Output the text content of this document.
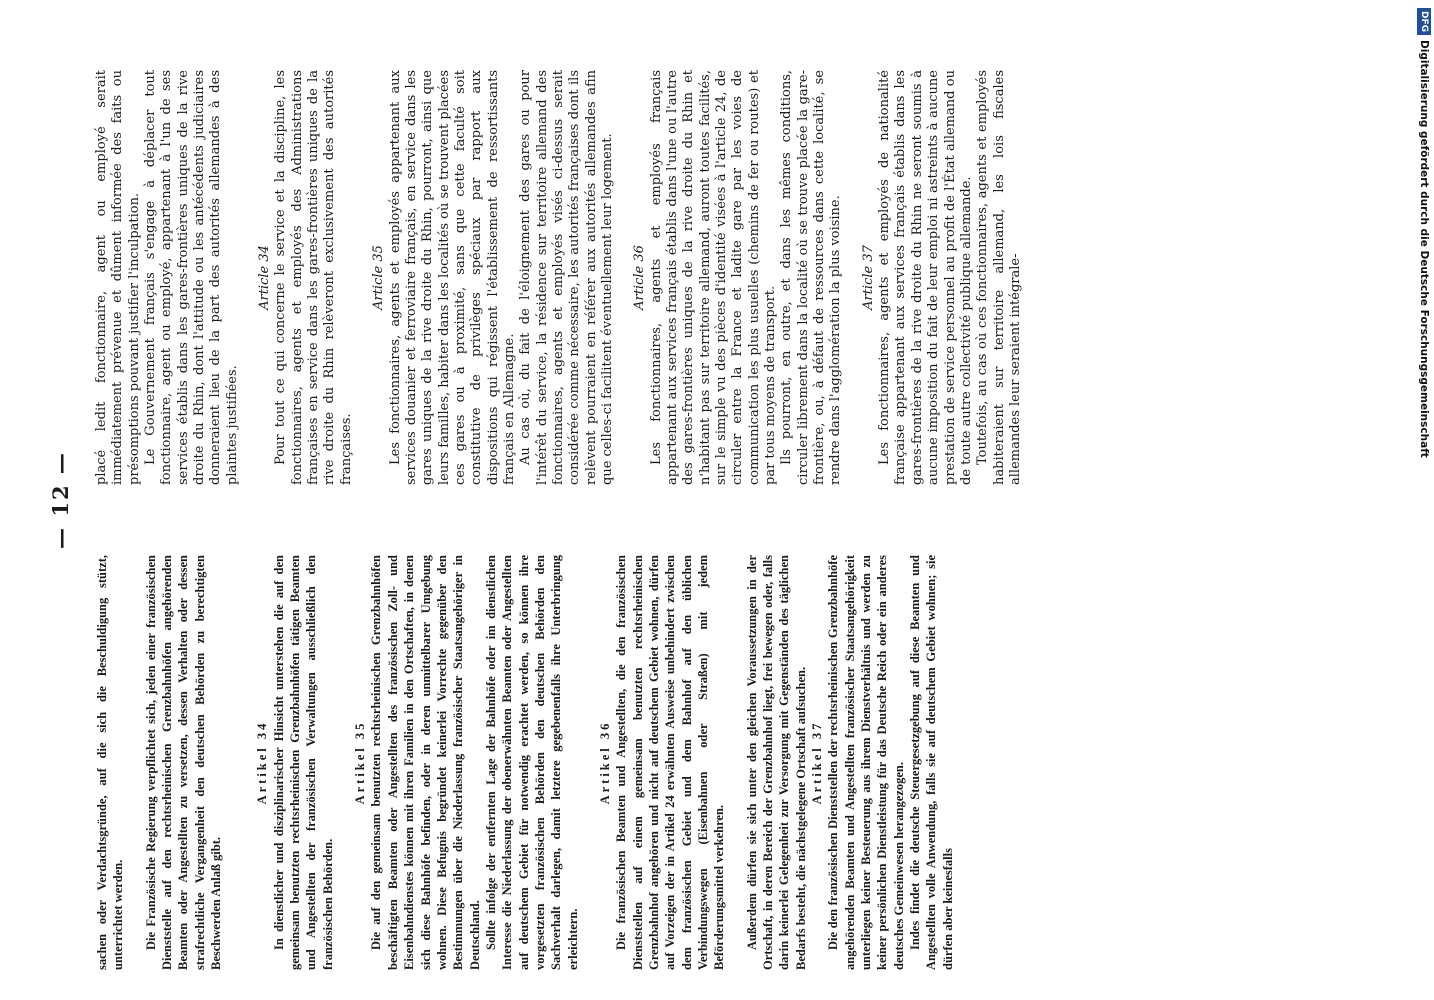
— 12 —

sachen oder Verdachtsgründe, auf die sich die Beschuldigung stützt, unterrichtet werden. Die Französische Regierung verpflichtet sich, jeden einer französischen Dienststelle auf den rechtsrheinischen Grenzbahnhöfen angehörenden Beamten oder Angestellten zu versetzen, dessen Verhalten oder dessen strafrechtliche Vergangenheit den deutschen Behörden zu berechtigten Beschwerden Anlaß gibt.

Artikel 34 In dienstlicher und disziplinarischer Hinsicht unterstehen die auf den gemeinsam benutzten rechtsrheinischen Grenzbahnhöfen tätigen Beamten und Angestellten der französischen Verwaltungen ausschließlich den französischen Behörden.

Artikel 35 Die auf den gemeinsam benutzten rechtsrheinischen Grenzbahnhöfen beschäftigten Beamten oder Angestellten des französischen Zoll- und Eisenbahndienstes können mit ihren Familien in den Ortschaften, in denen sich diese Bahnhöfe befinden, oder in deren unmittelbarer Umgebung wohnen. Diese Befugnis begründet keinerlei Vorrechte gegenüber den Bestimmungen über die Niederlassung französischer Staatsangehöriger in Deutschland. Sollte infolge der entfernten Lage der Bahnhöfe oder im dienstlichen Interesse die Niederlassung der obenerwähnten Beamten oder Angestellten auf deutschem Gebiet für notwendig erachtet werden, so können ihre vorgesetzten französischen Behörden den deutschen Behörden den Sachverhalt darlegen, damit letztere gegebenenfalls ihre Unterbringung erleichtern.

Artikel 36 Die französischen Beamten und Angestellten, die den französischen Dienststellen auf einem gemeinsam benutzten rechtsrheinischen Grenzbahnhof angehören und nicht auf deutschem Gebiet wohnen, dürfen auf Vorzeigen der in Artikel 24 erwähnten Ausweise unbehindert zwischen dem französischen Gebiet und dem Bahnhof auf den üblichen Verbindungswegen (Eisenbahnen oder Straßen) mit jedem Beförderungsmittel verkehren. Außerdem dürfen sie sich unter den gleichen Voraussetzungen in der Ortschaft, in deren Bereich der Grenzbahnhof liegt, frei bewegen oder, falls darin keinerlei Gelegenheit zur Versorgung mit Gegenständen des täglichen Bedarfs besteht, die nächstgelegene Ortschaft aufsuchen. Artikel 37 Die den französischen Dienststellen der rechtsrheinischen Grenzbahnhöfe angehörenden Beamten und Angestellten französischer Staatsangehörigkeit unterliegen keiner Besteuerung aus ihrem Dienstverhältnis und werden zu keiner persönlichen Dienstleistung für das Deutsche Reich oder ein anderes deutsches Gemeinwesen herangezogen. Indes findet die deutsche Steuergesetzgebung auf diese Beamten und Angestellten volle Anwendung, falls sie auf deutschem Gebiet wohnen; sie dürfen aber keinesfalls

placé ledit fonctionnaire, agent ou employé serait immédiatement prévenue et dûment informée des faits ou présomptions pouvant justifier l'inculpation. Le Gouvernement français s'engage à déplacer tout fonctionnaire, agent ou employé, appartenant à l'un de ses services établis dans les gares-frontières uniques de la rive droite du Rhin, dont l'attitude ou les antécédents judiciaires donneraient lieu de la part des autorités allemandes à des plaintes justifiées.

Article 34 Pour tout ce qui concerne le service et la discipline, les fonctionnaires, agents et employés des Administrations françaises en service dans les gares-frontières uniques de la rive droite du Rhin relèveront exclusivement des autorités françaises.

Article 35 Les fonctionnaires, agents et employés appartenant aux services douanier et ferroviaire français, en service dans les gares uniques de la rive droite du Rhin, pourront, ainsi que leurs familles, habiter dans les localités où se trouvent placées ces gares ou à proximité, sans que cette faculté soit constitutive de privilèges spéciaux par rapport aux dispositions qui régissent l'établissement de ressortissants français en Allemagne. Au cas où, du fait de l'éloignement des gares ou pour l'intérêt du service, la résidence sur territoire allemand des fonctionnaires, agents et employés visés ci-dessus serait considérée comme nécessaire, les autorités françaises dont ils relèvent pourraient en référer aux autorités allemandes afin que celles-ci facilitent éventuellement leur logement. Article 36 Les fonctionnaires, agents et employés français appartenant aux services français établis dans l'une ou l'autre des gares-frontières uniques de la rive droite du Rhin et n'habitant pas sur territoire allemand, auront toutes facilités, sur le simple vu des pièces d'identité visées à l'article 24, de circuler entre la France et ladite gare par les voies de communication les plus usuelles (chemins de fer ou routes) et par tous moyens de transport. Ils pourront, en outre, et dans les mêmes conditions, circuler librement dans la localité où se trouve placée la gare-frontière, ou, à défaut de ressources dans cette localité, se rendre dans l'agglomération la plus voisine. Article 37 Les fonctionnaires, agents et employés de nationalité française appartenant aux services français établis dans les gares-frontières de la rive droite du Rhin ne seront soumis à aucune imposition du fait de leur emploi ni astreints à aucune prestation de service personnel au profit de l'État allemand ou de toute autre collectivité publique allemande. Toutefois, au cas où ces fonctionnaires, agents et employés habiteraient sur territoire allemand, les lois fiscales allemandes leur seraient intégrale-

DFG
Digitalisierung gefördert durch die Deutsche Forschungsgemeinschaft
